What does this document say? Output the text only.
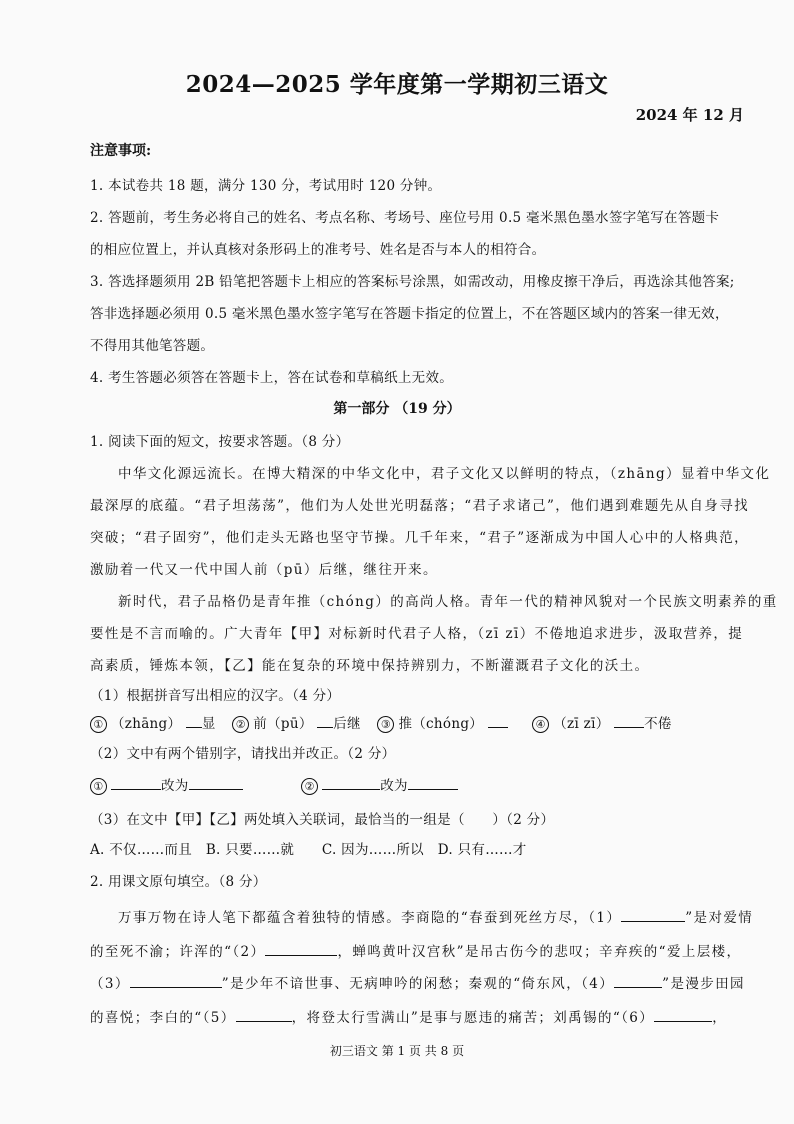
2024—2025 学年度第一学期初三语文
2024 年 12 月
注意事项:
1. 本试卷共 18 题，满分 130 分，考试用时 120 分钟。
2. 答题前，考生务必将自己的姓名、考点名称、考场号、座位号用 0.5 毫米黑色墨水签字笔写在答题卡
的相应位置上，并认真核对条形码上的准考号、姓名是否与本人的相符合。
3. 答选择题须用 2B 铅笔把答题卡上相应的答案标号涂黑，如需改动，用橡皮擦干净后，再选涂其他答案;
答非选择题必须用 0.5 毫米黑色墨水签字笔写在答题卡指定的位置上，不在答题区域内的答案一律无效，
不得用其他笔答题。
4. 考生答题必须答在答题卡上，答在试卷和草稿纸上无效。
第一部分 （19 分）
1. 阅读下面的短文，按要求答题。（8 分）
中华文化源远流长。在博大精深的中华文化中，君子文化又以鲜明的特点，（zhāng）显着中华文化
最深厚的底蕴。“君子坦荡荡”，他们为人处世光明磊落；“君子求诸己”，他们遇到难题先从自身寻找
突破；“君子固穷”，他们走头无路也坚守节操。几千年来，“君子”逐渐成为中国人心中的人格典范，
激励着一代又一代中国人前（pū）后继，继往开来。
新时代，君子品格仍是青年推（chóng）的高尚人格。青年一代的精神风貌对一个民族文明素养的重
要性是不言而喻的。广大青年【甲】对标新时代君子人格，（zī zī）不倦地追求进步，汲取营养，提
高素质，锤炼本领，【乙】能在复杂的环境中保持辨别力，不断灌溉君子文化的沃土。
（1）根据拼音写出相应的汉字。（4 分）
① （zhāng） 显 ② 前（pū） 后继 ③ 推（chóng）	④ （zī zī）	不倦
（2）文中有两个错别字，请找出并改正。（2 分）
①	改为	②	改为
（3）在文中【甲】【乙】两处填入关联词，最恰当的一组是（　　）（2 分）
A. 不仅……而且　B. 只要……就　　C. 因为……所以　D. 只有……才
2. 用课文原句填空。（8 分）
万事万物在诗人笔下都蕴含着独特的情感。李商隐的“春蚕到死丝方尽，（1）	”是对爱情
的至死不渝；许浑的“（2）	，蝉鸣黄叶汉宫秋”是吊古伤今的悲叹；辛弃疾的“爱上层楼，
（3）	”是少年不谙世事、无病呻吟的闲愁；秦观的“倚东风，（4）	”是漫步田园
的喜悦；李白的“（5）	，将登太行雪满山”是事与愿违的痛苦；刘禹锡的“（6）	，
初三语文 第 1 页 共 8 页
